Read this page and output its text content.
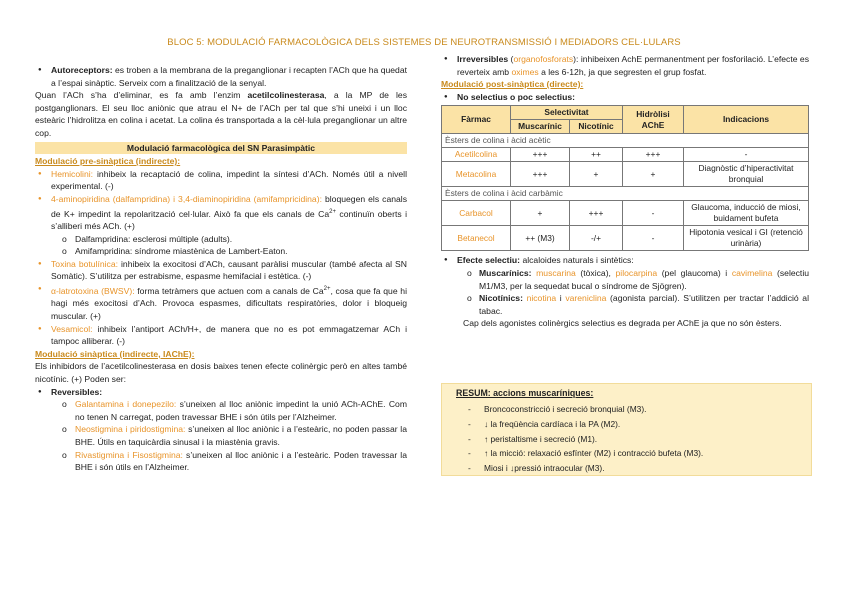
BLOC 5: MODULACIÓ FARMACOLÒGICA DELS SISTEMES DE NEUROTRANSMISSIÓ I MEDIADORS CEL·LULARS

● Autoreceptors: es troben a la membrana de la preganglionar i recapten l’ACh que ha quedat a l’espai sinàptic. Serveix com a finalització de la senyal.

Quan l’ACh s’ha d’eliminar, es fa amb l’enzim acetilcolinesterasa, a la MP de les postganglionars. El seu lloc aniònic que atrau el N+ de l’ACh per tal que s’hi uneixi i un lloc esteàric l’hidrolitza en colina i acetat. La colina és transportada a la cèl·lula preganglionar un altre cop.

Modulació farmacològica del SN Parasimpàtic

Modulació pre-sinàptica (indirecte):

● Hemicolini: inhibeix la recaptació de colina, impedint la síntesi d’ACh. Només útil a nivell experimental. (-)

● 4-aminopiridina (dalfampridina) i 3,4-diaminopiridina (amifampricidina): bloquegen els canals de K+ impedint la repolarització cel·lular. Això fa que els canals de $Ca^{2+}$ continuïn oberts i s’alliberi més ACh. (+)

o Dalfampridina: esclerosi múltiple (adults).

o Amifampridina: síndrome miastènica de Lambert-Eaton.

● Toxina botulínica: inhibeix la exocitosi d’ACh, causant paràlisi muscular (també afecta al SN Somàtic). S’utilitza per estrabisme, espasme hemifacial i estètica. (-)

● α-latrotoxina (BWSV): forma tetràmers que actuen com a canals de $Ca^{2+}$, cosa que fa que hi hagi més exocitosi d’Ach. Provoca espasmes, dificultats respiratòries, dolor i bloqueig muscular. (+)

● Vesamicol: inhibeix l’antiport ACh/H+, de manera que no es pot emmagatzemar ACh i tampoc alliberar. (-)

Modulació sinàptica (indirecte, IAChE):

Els inhibidors de l’acetilcolinesterasa en dosis baixes tenen efecte colinèrgic però en altes també nicotínic. (+) Poden ser:

● Reversibles:

o Galantamina i donepezilo: s’uneixen al lloc aniònic impedint la unió ACh-AChE. Com no tenen N carregat, poden travessar BHE i són útils per l’Alzheimer.

o Neostigmina i piridostigmina: s’uneixen al lloc aniònic i a l’esteàric, no poden passar la BHE. Útils en taquicàrdia sinusal i la miastènia gravis.

o Rivastigmina i Fisostigmina: s’uneixen al lloc aniònic i a l’esteàric. Poden travessar la BHE i són útils en l’Alzheimer.

● Irreversibles (organofosforats): inhibeixen AchE permanentment per fosforilació. L’efecte es reverteix amb oximes a les 6-12h, ja que segresten el grup fosfat.

Modulació post-sinàptica (directe):

● No selectius o poc selectius:

Fàrmac	Selectivitat		Hidròlisi AChE	Indicacions
	Muscarínic	Nicotínic		
Èsters de colina i àcid acètic				
Acetilcolina	+++	++	+++	-
Metacolina	+++	+	+	Diagnòstic d’hiperactivitat bronquial
Èsters de colina i àcid carbàmic				
Carbacol	+	+++	-	Glaucoma, inducció de miosi, buidament bufeta
Betanecol	++ (M3)	-/+	-	Hipotonia vesical i GI (retenció urinària)

● Efecte selectiu: alcaloides naturals i sintètics:

o Muscarínics: muscarina (tòxica), pilocarpina (pel glaucoma) i cavimelina (selectiu M1/M3, per la sequedat bucal o síndrome de Sjögren).

o Nicotínics: nicotina i vareniclina (agonista parcial). S’utilitzen per tractar l’addició al tabac.

Cap dels agonistes colinèrgics selectius es degrada per AChE ja que no són èsters.

RESUM: accions muscaríniques:
- Broncoconstricció i secreció bronquial (M3).
- ↓ la freqüència cardíaca i la PA (M2).
- ↑ peristaltisme i secreció (M1).
- ↑ la micció: relaxació esfínter (M2) i contracció bufeta (M3).
- Miosi i ↓pressió intraocular (M3).
